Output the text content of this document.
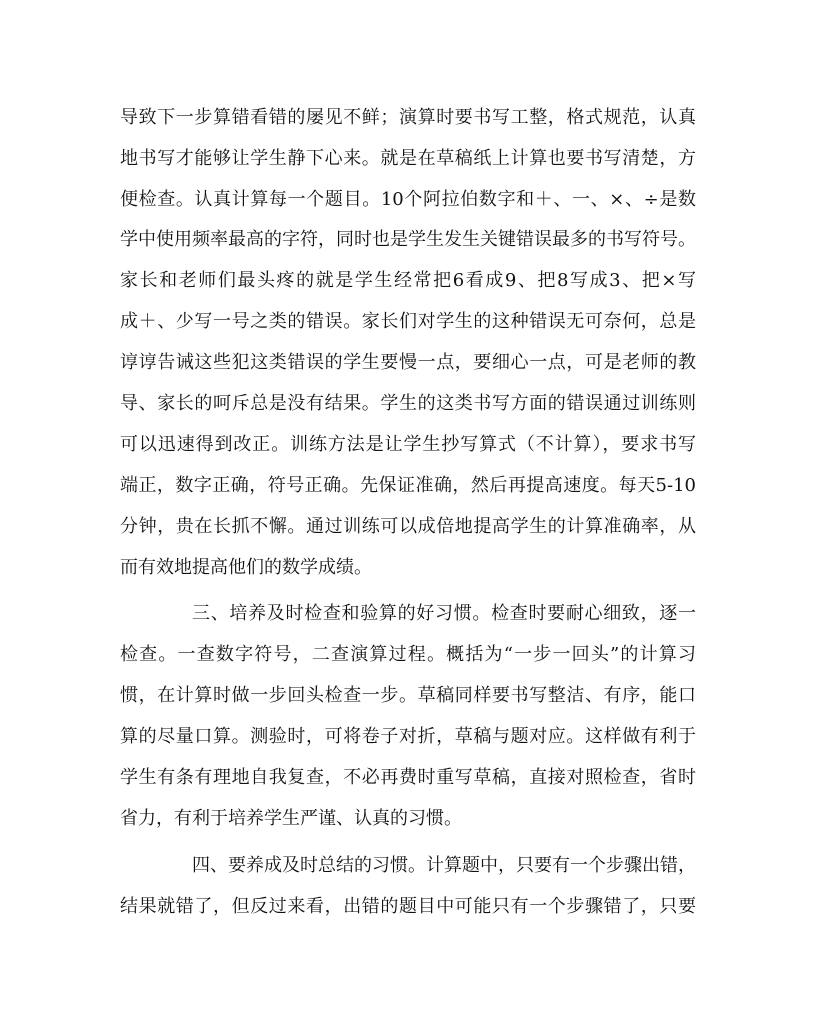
导致下一步算错看错的屡见不鲜；演算时要书写工整，格式规范，认真
地书写才能够让学生静下心来。就是在草稿纸上计算也要书写清楚，方
便检查。认真计算每一个题目。10个阿拉伯数字和＋、一、×、÷是数
学中使用频率最高的字符，同时也是学生发生关键错误最多的书写符号。
家长和老师们最头疼的就是学生经常把6看成9、把8写成3、把×写
成＋、少写一号之类的错误。家长们对学生的这种错误无可奈何，总是
谆谆告诫这些犯这类错误的学生要慢一点，要细心一点，可是老师的教
导、家长的呵斥总是没有结果。学生的这类书写方面的错误通过训练则
可以迅速得到改正。训练方法是让学生抄写算式（不计算），要求书写
端正，数字正确，符号正确。先保证准确，然后再提高速度。每天5-10
分钟，贵在长抓不懈。通过训练可以成倍地提高学生的计算准确率，从
而有效地提高他们的数学成绩。
三、培养及时检查和验算的好习惯。检查时要耐心细致，逐一
检查。一查数字符号，二查演算过程。概括为“一步一回头”的计算习
惯，在计算时做一步回头检查一步。草稿同样要书写整洁、有序，能口
算的尽量口算。测验时，可将卷子对折，草稿与题对应。这样做有利于
学生有条有理地自我复查，不必再费时重写草稿，直接对照检查，省时
省力，有利于培养学生严谨、认真的习惯。
四、要养成及时总结的习惯。计算题中，只要有一个步骤出错，
结果就错了，但反过来看，出错的题目中可能只有一个步骤错了，只要
